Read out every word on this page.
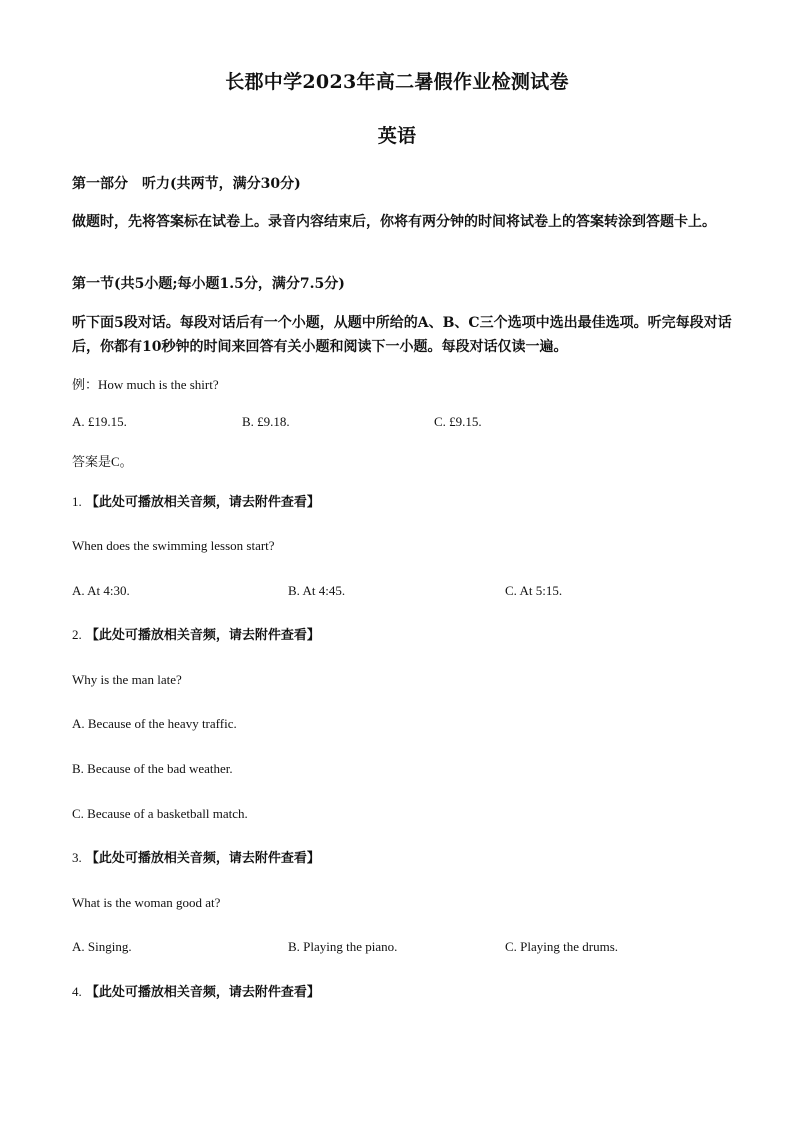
长郡中学2023年高二暑假作业检测试卷
英语
第一部分　听力(共两节，满分30分)
做题时，先将答案标在试卷上。录音内容结束后，你将有两分钟的时间将试卷上的答案转涂到答题卡上。
第一节(共5小题;每小题1.5分，满分7.5分)
听下面5段对话。每段对话后有一个小题，从题中所给的A、B、C三个选项中选出最佳选项。听完每段对话后，你都有10秒钟的时间来回答有关小题和阅读下一小题。每段对话仅读一遍。
例：How much is the shirt?
A. £19.15.	B. £9.18.	C. £9.15.
答案是C。
1. 【此处可播放相关音频，请去附件查看】
When does the swimming lesson start?
A. At 4:30.	B. At 4:45.	C. At 5:15.
2. 【此处可播放相关音频，请去附件查看】
Why is the man late?
A. Because of the heavy traffic.
B. Because of the bad weather.
C. Because of a basketball match.
3. 【此处可播放相关音频，请去附件查看】
What is the woman good at?
A. Singing.	B. Playing the piano.	C. Playing the drums.
4. 【此处可播放相关音频，请去附件查看】
